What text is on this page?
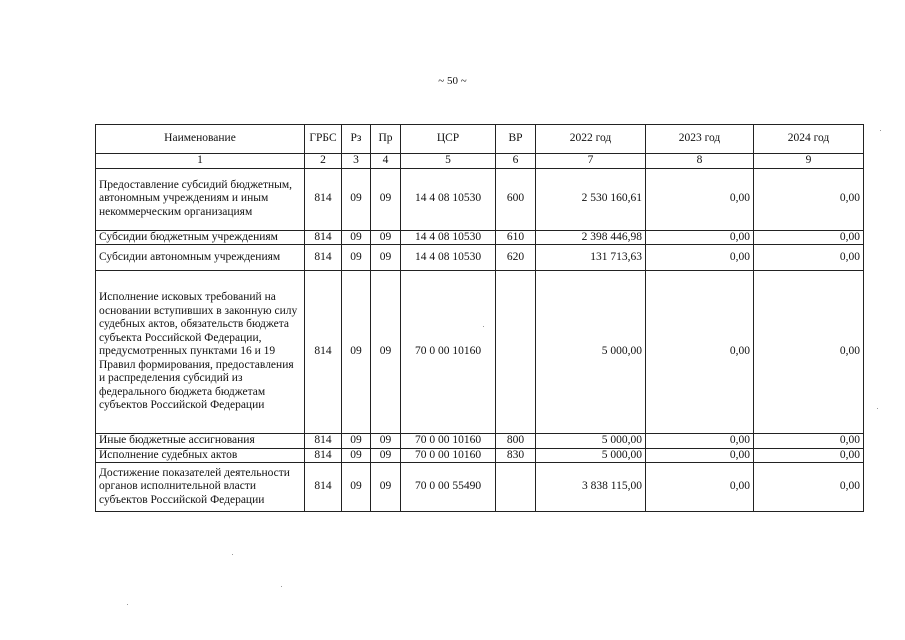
~ 50 ~
Наименование	ГРБС	Рз	Пр	ЦСР	ВР	2022 год	2023 год	2024 год
1	2	3	4	5	6	7	8	9
Предоставление субсидий бюджетным, автономным учреждениям и иным некоммерческим организациям	814	09	09	14 4 08 10530	600	2 530 160,61	0,00	0,00
Субсидии бюджетным учреждениям	814	09	09	14 4 08 10530	610	2 398 446,98	0,00	0,00
Субсидии автономным учреждениям	814	09	09	14 4 08 10530	620	131 713,63	0,00	0,00
Исполнение исковых требований на основании вступивших в законную силу судебных актов, обязательств бюджета субъекта Российской Федерации, предусмотренных пунктами 16 и 19 Правил формирования, предоставления и распределения субсидий из федерального бюджета бюджетам субъектов Российской Федерации	814	09	09	70 0 00 10160		5 000,00	0,00	0,00
Иные бюджетные ассигнования	814	09	09	70 0 00 10160	800	5 000,00	0,00	0,00
Исполнение судебных актов	814	09	09	70 0 00 10160	830	5 000,00	0,00	0,00
Достижение показателей деятельности органов исполнительной власти субъектов Российской Федерации	814	09	09	70 0 00 55490		3 838 115,00	0,00	0,00
